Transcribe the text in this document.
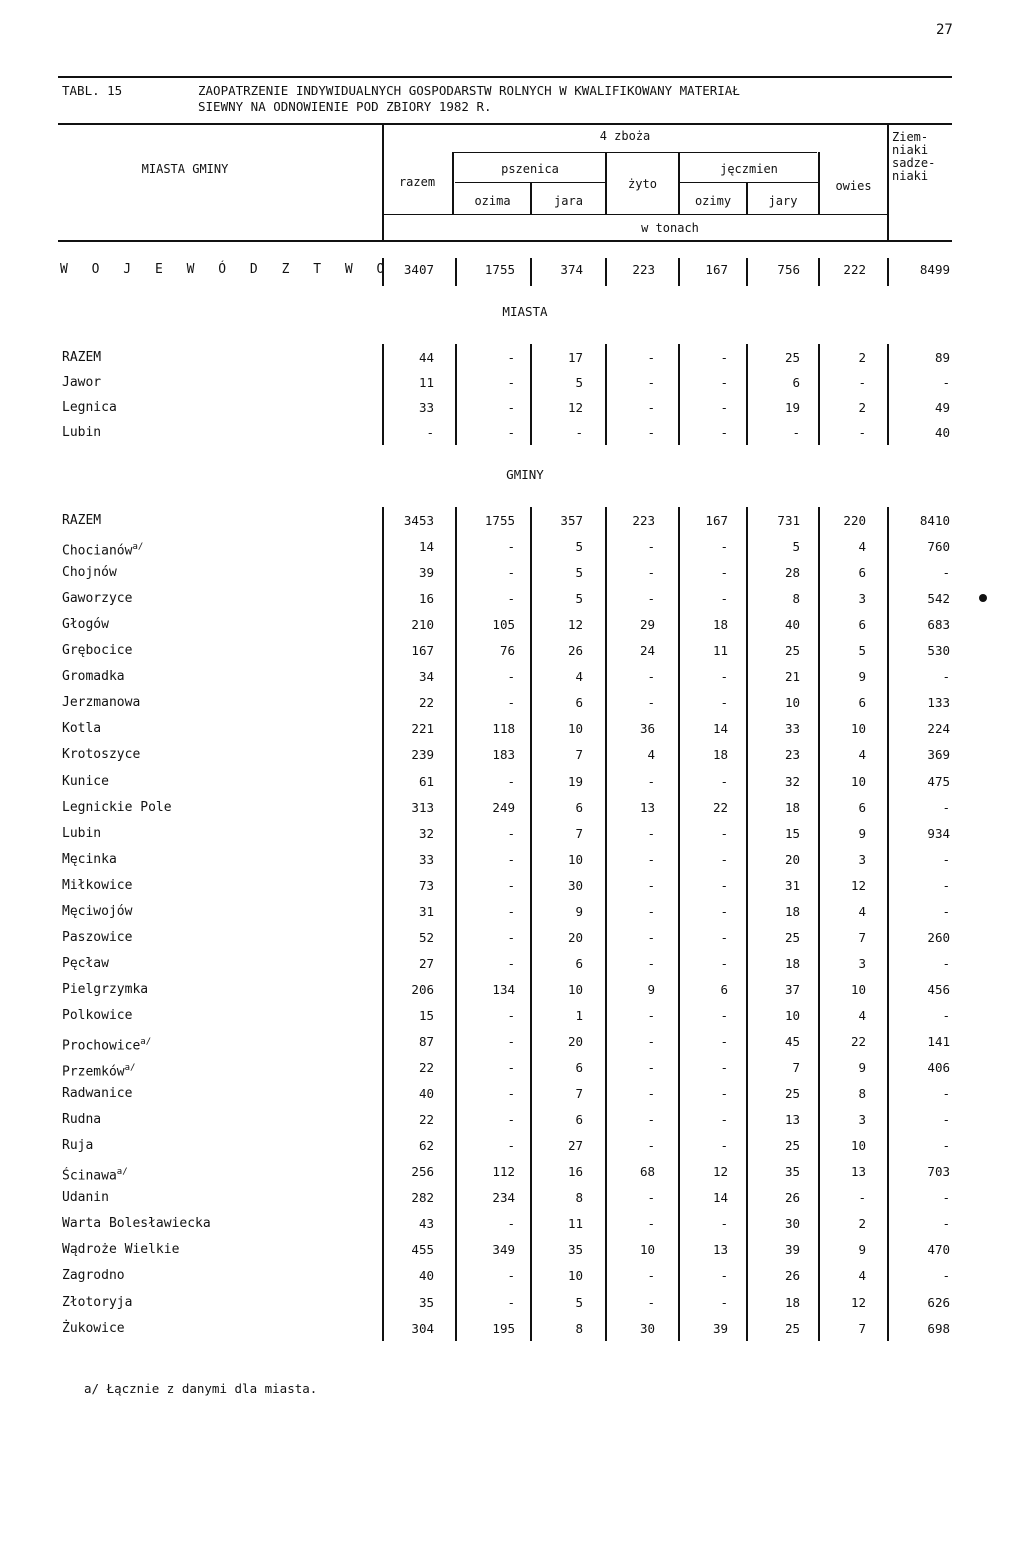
27
TABL. 15	ZAOPATRZENIE INDYWIDUALNYCH GOSPODARSTW ROLNYCH W KWALIFIKOWANY MATERIAŁ
SIEWNY NA ODNOWIENIE POD ZBIORY 1982 R.
MIASTA GMINY
razem
4 zboża
pszenica
ozima	jara
żyto
jęczmien
ozimy	jary
owies
Ziem-niaki sadze-niaki
w tonach
W O J E W Ó D Z T W O 3407	1755	374	223	167	756	222	8499
MIASTA
RAZEM	44	-	17	-	-	25	2	89
Jawor	11	-	5	-	-	6	-	-
Legnica	33	-	12	-	-	19	2	49
Lubin	-	-	-	-	-	-	-	40
GMINY
RAZEM	3453	1755	357	223	167	731	220	8410
Chocianów$^{a/}$	14	-	5	-	-	5	4	760
Chojnów	39	-	5	-	-	28	6	-
Gaworzyce	16	-	5	-	-	8	3	542
Głogów	210	105	12	29	18	40	6	683
Grębocice	167	76	26	24	11	25	5	530
Gromadka	34	-	4	-	-	21	9	-
Jerzmanowa	22	-	6	-	-	10	6	133
Kotla	221	118	10	36	14	33	10	224
Krotoszyce	239	183	7	4	18	23	4	369
Kunice	61	-	19	-	-	32	10	475
Legnickie Pole	313	249	6	13	22	18	6	-
Lubin	32	-	7	-	-	15	9	934
Męcinka	33	-	10	-	-	20	3	-
Miłkowice	73	-	30	-	-	31	12	-
Męciwojów	31	-	9	-	-	18	4	-
Paszowice	52	-	20	-	-	25	7	260
Pęcław	27	-	6	-	-	18	3	-
Pielgrzymka	206	134	10	9	6	37	10	456
Polkowice	15	-	1	-	-	10	4	-
Prochowice$^{a/}$	87	-	20	-	-	45	22	141
Przemków$^{a/}$	22	-	6	-	-	7	9	406
Radwanice	40	-	7	-	-	25	8	-
Rudna	22	-	6	-	-	13	3	-
Ruja	62	-	27	-	-	25	10	-
Ścinawa$^{a/}$	256	112	16	68	12	35	13	703
Udanin	282	234	8	-	14	26	-	-
Warta Bolesławiecka	43	-	11	-	-	30	2	-
Wądroże Wielkie	455	349	35	10	13	39	9	470
Zagrodno	40	-	10	-	-	26	4	-
Złotoryja	35	-	5	-	-	18	12	626
Żukowice	304	195	8	30	39	25	7	698
a/ Łącznie z danymi dla miasta.
